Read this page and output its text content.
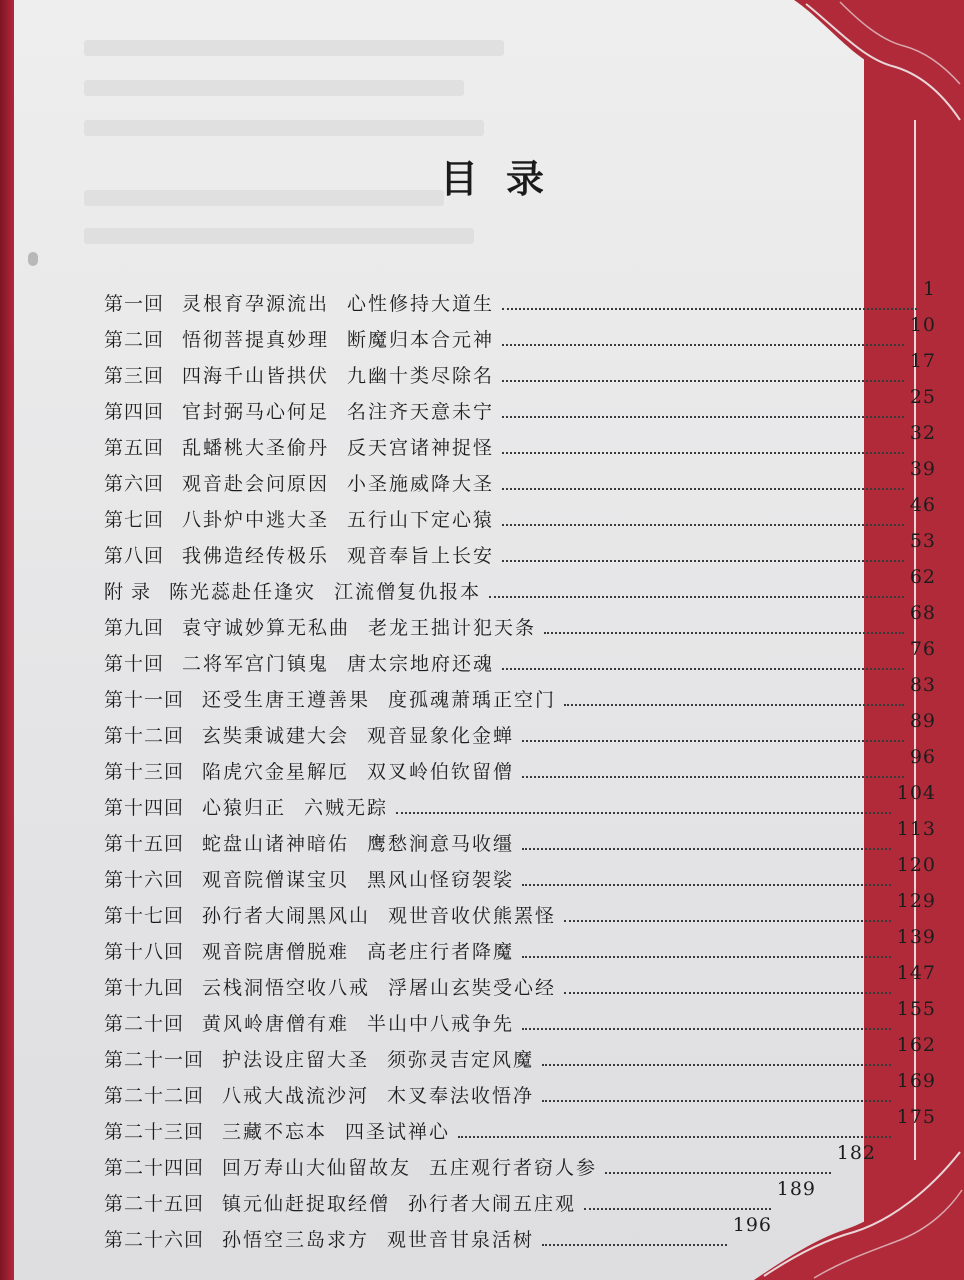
目录
第一回 灵根育孕源流出 心性修持大道生
1
第二回 悟彻菩提真妙理 断魔归本合元神
10
第三回 四海千山皆拱伏 九幽十类尽除名
17
第四回 官封弼马心何足 名注齐天意未宁
25
第五回 乱蟠桃大圣偷丹 反天宫诸神捉怪
32
第六回 观音赴会问原因 小圣施威降大圣
39
第七回 八卦炉中逃大圣 五行山下定心猿
46
第八回 我佛造经传极乐 观音奉旨上长安
53
附 录 陈光蕊赴任逢灾 江流僧复仇报本
62
第九回 袁守诚妙算无私曲 老龙王拙计犯天条
68
第十回 二将军宫门镇鬼 唐太宗地府还魂
76
第十一回 还受生唐王遵善果 度孤魂萧瑀正空门
83
第十二回 玄奘秉诚建大会 观音显象化金蝉
89
第十三回 陷虎穴金星解厄 双叉岭伯钦留僧
96
第十四回 心猿归正 六贼无踪
104
第十五回 蛇盘山诸神暗佑 鹰愁涧意马收缰
113
第十六回 观音院僧谋宝贝 黑风山怪窃袈裟
120
第十七回 孙行者大闹黑风山 观世音收伏熊罴怪
129
第十八回 观音院唐僧脱难 高老庄行者降魔
139
第十九回 云栈洞悟空收八戒 浮屠山玄奘受心经
147
第二十回 黄风岭唐僧有难 半山中八戒争先
155
第二十一回 护法设庄留大圣 须弥灵吉定风魔
162
第二十二回 八戒大战流沙河 木叉奉法收悟净
169
第二十三回 三藏不忘本 四圣试禅心
175
第二十四回 回万寿山大仙留故友 五庄观行者窃人参
182
第二十五回 镇元仙赶捉取经僧 孙行者大闹五庄观
189
第二十六回 孙悟空三岛求方 观世音甘泉活树
196
